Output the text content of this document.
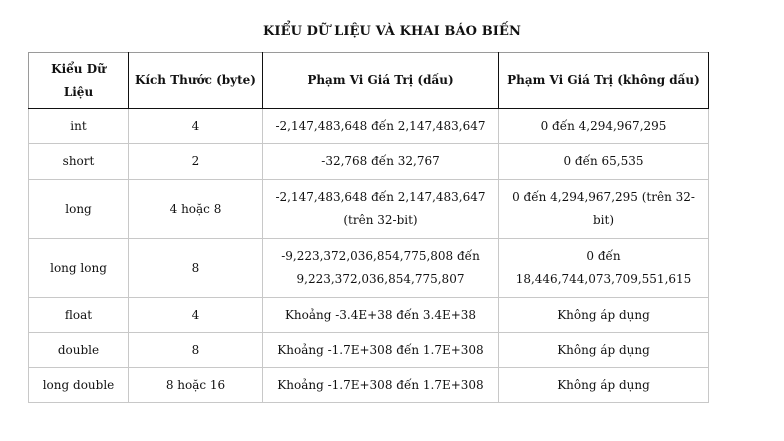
KIỂU DỮ LIỆU VÀ KHAI BÁO BIẾN
Kiểu Dữ Liệu	Kích Thước (byte)	Phạm Vi Giá Trị (dấu)	Phạm Vi Giá Trị (không dấu)
int	4	-2,147,483,648 đến 2,147,483,647	0 đến 4,294,967,295
short	2	-32,768 đến 32,767	0 đến 65,535
long	4 hoặc 8	-2,147,483,648 đến 2,147,483,647 (trên 32-bit)	0 đến 4,294,967,295 (trên 32-bit)
long long	8	-9,223,372,036,854,775,808 đến 9,223,372,036,854,775,807	0 đến 18,446,744,073,709,551,615
float	4	Khoảng -3.4E+38 đến 3.4E+38	Không áp dụng
double	8	Khoảng -1.7E+308 đến 1.7E+308	Không áp dụng
long double	8 hoặc 16	Khoảng -1.7E+308 đến 1.7E+308	Không áp dụng
